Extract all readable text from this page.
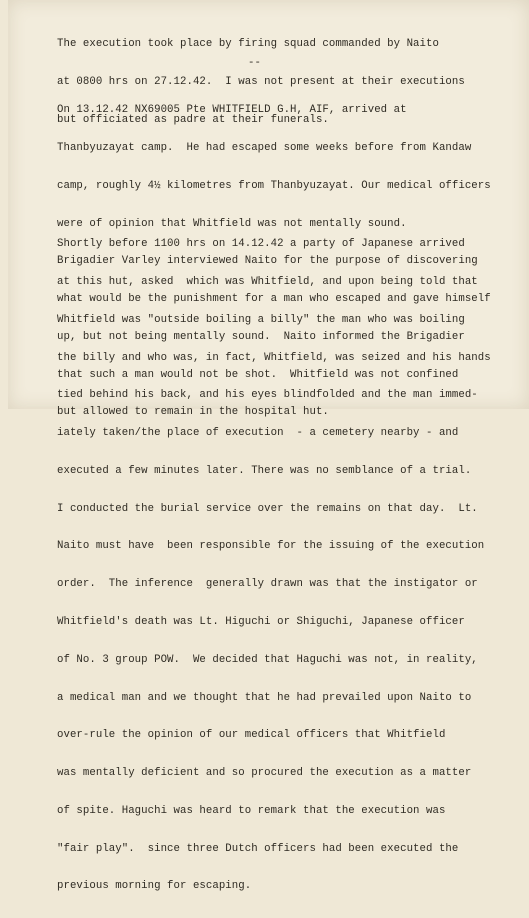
The execution took place by firing squad commanded by Naito

at 0800 hrs on 27.12.42.  I was not present at their executions

but officiated as padre at their funerals.

--

On 13.12.42 NX69005 Pte WHITFIELD G.H, AIF, arrived at

Thanbyuzayat camp.  He had escaped some weeks before from Kandaw

camp, roughly 4½ kilometres from Thanbyuzayat. Our medical officers

were of opinion that Whitfield was not mentally sound.

Brigadier Varley interviewed Naito for the purpose of discovering

what would be the punishment for a man who escaped and gave himself

up, but not being mentally sound.  Naito informed the Brigadier

that such a man would not be shot.  Whitfield was not confined

but allowed to remain in the hospital hut.

Shortly before 1100 hrs on 14.12.42 a party of Japanese arrived

at this hut, asked  which was Whitfield, and upon being told that

Whitfield was "outside boiling a billy" the man who was boiling

the billy and who was, in fact, Whitfield, was seized and his hands

tied behind his back, and his eyes blindfolded and the man immed-

iately taken/the place of execution  - a cemetery nearby - and

executed a few minutes later. There was no semblance of a trial.

I conducted the burial service over the remains on that day.  Lt.

Naito must have  been responsible for the issuing of the execution

order.  The inference  generally drawn was that the instigator or

Whitfield's death was Lt. Higuchi or Shiguchi, Japanese officer

of No. 3 group POW.  We decided that Haguchi was not, in reality,

a medical man and we thought that he had prevailed upon Naito to

over-rule the opinion of our medical officers that Whitfield

was mentally deficient and so procured the execution as a matter

of spite. Haguchi was heard to remark that the execution was

"fair play".  since three Dutch officers had been executed the

previous morning for escaping.
